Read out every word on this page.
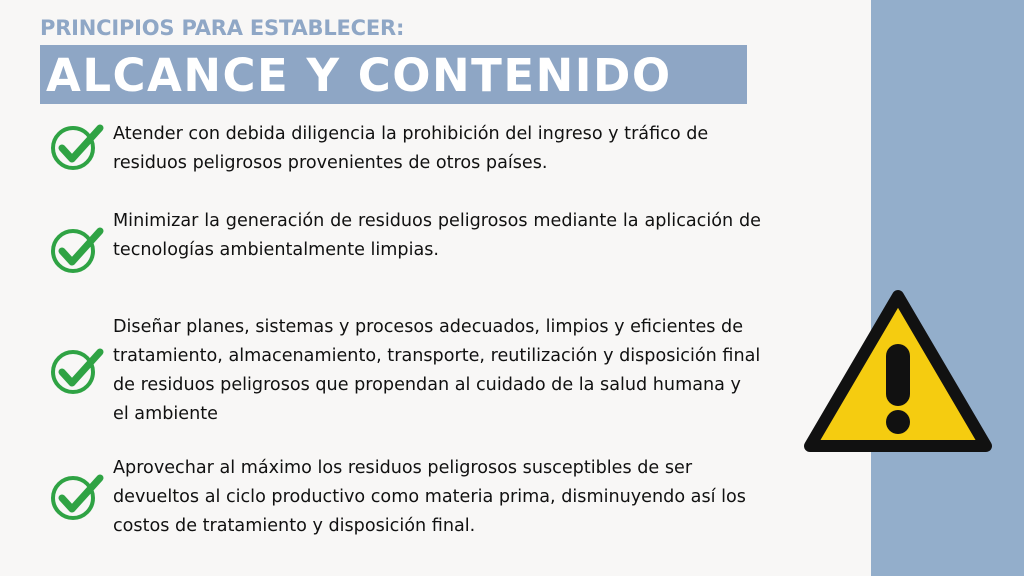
PRINCIPIOS PARA ESTABLECER:
ALCANCE Y CONTENIDO

Atender con debida diligencia la prohibición del ingreso y tráfico de residuos peligrosos provenientes de otros países.

Minimizar la generación de residuos peligrosos mediante la aplicación de tecnologías ambientalmente limpias.

Diseñar planes, sistemas y procesos adecuados, limpios y eficientes de tratamiento, almacenamiento, transporte, reutilización y disposición final de residuos peligrosos que propendan al cuidado de la salud humana y el ambiente

Aprovechar al máximo los residuos peligrosos susceptibles de ser devueltos al ciclo productivo como materia prima, disminuyendo así los costos de tratamiento y disposición final.
